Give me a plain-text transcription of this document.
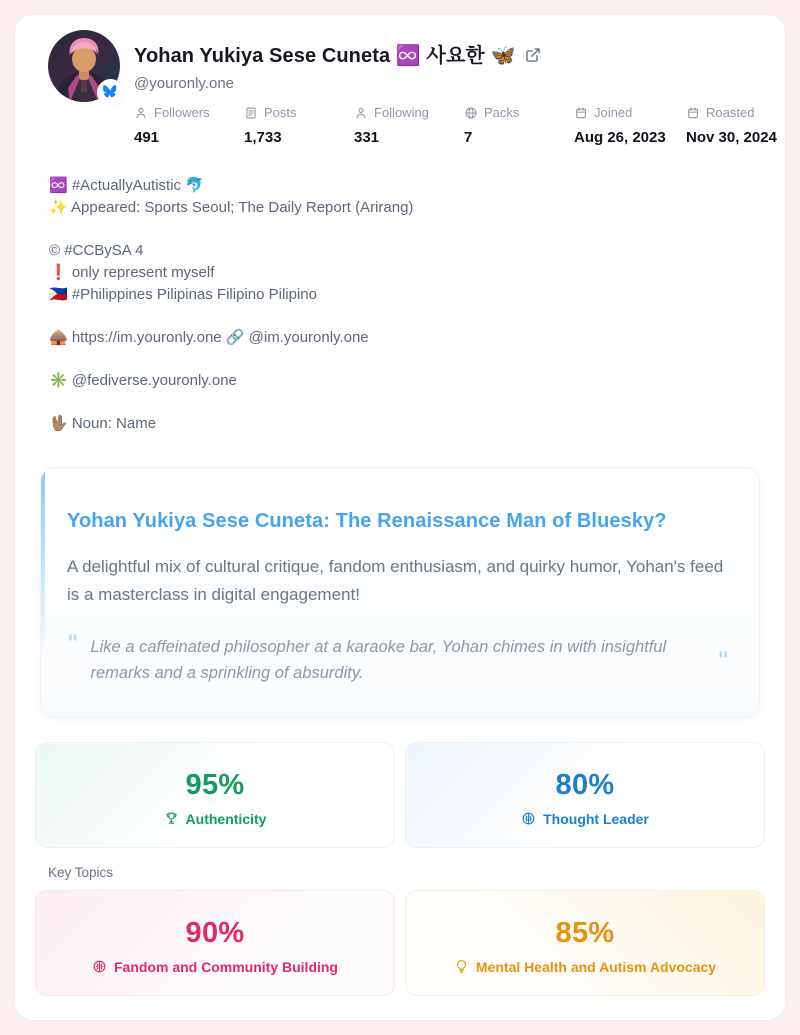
Yohan Yukiya Sese Cuneta ♾️ 사요한 🦋
@youronly.one
Followers
491
Posts
1,733
Following
331
Packs
7
Joined
Aug 26, 2023
Roasted
Nov 30, 2024

♾️ #ActuallyAutistic 🐬
✨ Appeared: Sports Seoul; The Daily Report (Arirang)

© #CCBySA 4
❗ only represent myself
🇵🇭 #Philippines Pilipinas Filipino Pilipino

🛖 https://im.youronly.one 🔗 @im.youronly.one

✳️ @fediverse.youronly.one

🖖🏽 Noun: Name

Yohan Yukiya Sese Cuneta: The Renaissance Man of Bluesky?

A delightful mix of cultural critique, fandom enthusiasm, and quirky humor, Yohan's feed is a masterclass in digital engagement!

" Like a caffeinated philosopher at a karaoke bar, Yohan chimes in with insightful remarks and a sprinkling of absurdity.	"
95%
Authenticity
80%
Thought Leader
Key Topics
90%
Fandom and Community Building
85%
Mental Health and Autism Advocacy
